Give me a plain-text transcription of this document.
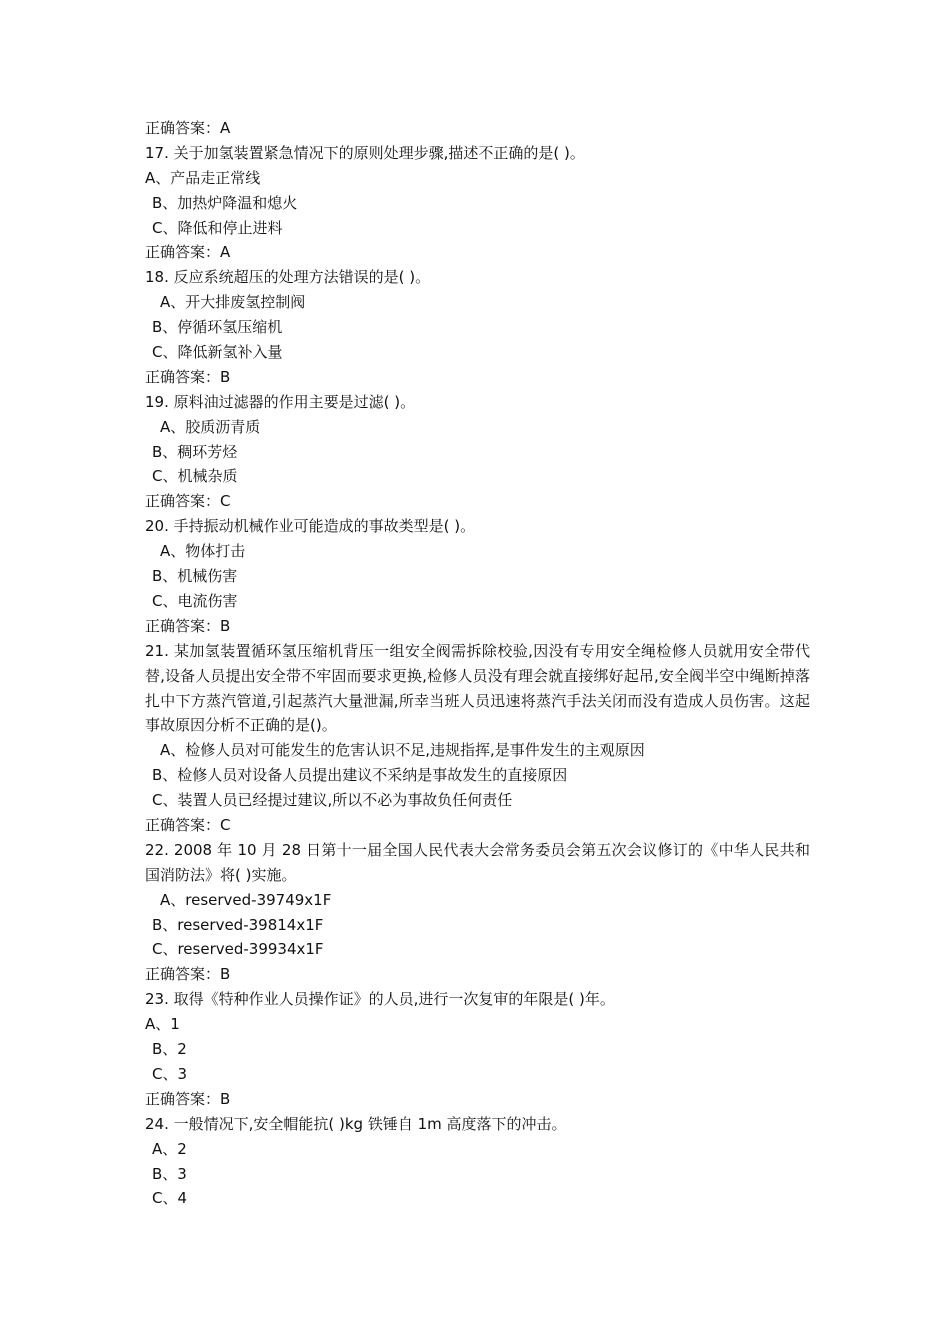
正确答案：A
17. 关于加氢装置紧急情况下的原则处理步骤,描述不正确的是( )。
A、产品走正常线
B、加热炉降温和熄火
C、降低和停止进料
正确答案：A
18. 反应系统超压的处理方法错误的是( )。
A、开大排废氢控制阀
B、停循环氢压缩机
C、降低新氢补入量
正确答案：B
19. 原料油过滤器的作用主要是过滤( )。
A、胶质沥青质
B、稠环芳烃
C、机械杂质
正确答案：C
20. 手持振动机械作业可能造成的事故类型是( )。
A、物体打击
B、机械伤害
C、电流伤害
正确答案：B
21. 某加氢装置循环氢压缩机背压一组安全阀需拆除校验,因没有专用安全绳检修人员就用安全带代替,设备人员提出安全带不牢固而要求更换,检修人员没有理会就直接绑好起吊,安全阀半空中绳断掉落扎中下方蒸汽管道,引起蒸汽大量泄漏,所幸当班人员迅速将蒸汽手法关闭而没有造成人员伤害。这起事故原因分析不正确的是()。
A、检修人员对可能发生的危害认识不足,违规指挥,是事件发生的主观原因
B、检修人员对设备人员提出建议不采纳是事故发生的直接原因
C、装置人员已经提过建议,所以不必为事故负任何责任
正确答案：C
22. 2008 年 10 月 28 日第十一届全国人民代表大会常务委员会第五次会议修订的《中华人民共和国消防法》将( )实施。
A、reserved-39749x1F
B、reserved-39814x1F
C、reserved-39934x1F
正确答案：B
23. 取得《特种作业人员操作证》的人员,进行一次复审的年限是( )年。
A、1
B、2
C、3
正确答案：B
24. 一般情况下,安全帽能抗( )kg 铁锤自 1m 高度落下的冲击。
A、2
B、3
C、4
